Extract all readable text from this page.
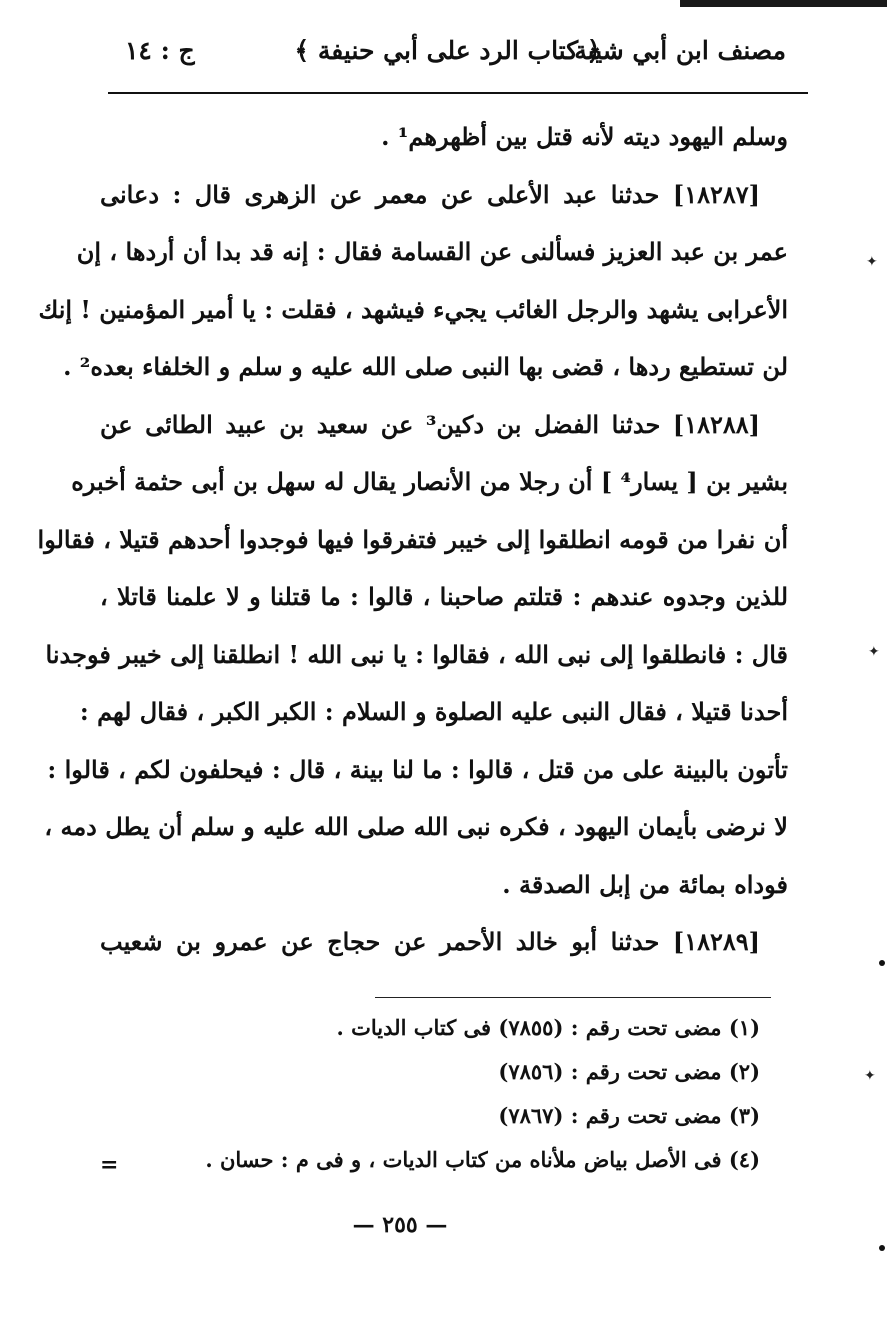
مصنف ابن أبي شيبة
﴿ كتاب الرد على أبي حنيفة ﴾
ج : ١٤
وسلم اليهود ديته لأنه قتل بين أظهرهم¹ .
[١٨٢٨٧] حدثنا عبد الأعلى عن معمر عن الزهرى قال : دعانى
عمر بن عبد العزيز فسألنى عن القسامة فقال : إنه قد بدا أن أردها ، إن
الأعرابى يشهد والرجل الغائب يجيء فيشهد ، فقلت : يا أمير المؤمنين ! إنك
لن تستطيع ردها ، قضى بها النبى صلى الله عليه و سلم و الخلفاء بعده² .
[١٨٢٨٨] حدثنا الفضل بن دكين³ عن سعيد بن عبيد الطائى عن
بشير بن [ يسار⁴ ] أن رجلا من الأنصار يقال له سهل بن أبى حثمة أخبره
أن نفرا من قومه انطلقوا إلى خيبر فتفرقوا فيها فوجدوا أحدهم قتيلا ، فقالوا
للذين وجدوه عندهم : قتلتم صاحبنا ، قالوا : ما قتلنا و لا علمنا قاتلا ،
قال : فانطلقوا إلى نبى الله ، فقالوا : يا نبى الله ! انطلقنا إلى خيبر فوجدنا
أحدنا قتيلا ، فقال النبى عليه الصلوة و السلام : الكبر الكبر ، فقال لهم :
تأتون بالبينة على من قتل ، قالوا : ما لنا بينة ، قال : فيحلفون لكم ، قالوا :
لا نرضى بأيمان اليهود ، فكره نبى الله صلى الله عليه و سلم أن يطل دمه ،
فوداه بمائة من إبل الصدقة .
[١٨٢٨٩] حدثنا أبو خالد الأحمر عن حجاج عن عمرو بن شعيب
(١) مضى تحت رقم : (٧٨٥٥) فى كتاب الديات .
(٢) مضى تحت رقم : (٧٨٥٦)
(٣) مضى تحت رقم : (٧٨٦٧)
(٤) فى الأصل بياض ملأناه من كتاب الديات ، و فى م : حسان .
=
— ٢٥٥ —
✦
✦
✦
